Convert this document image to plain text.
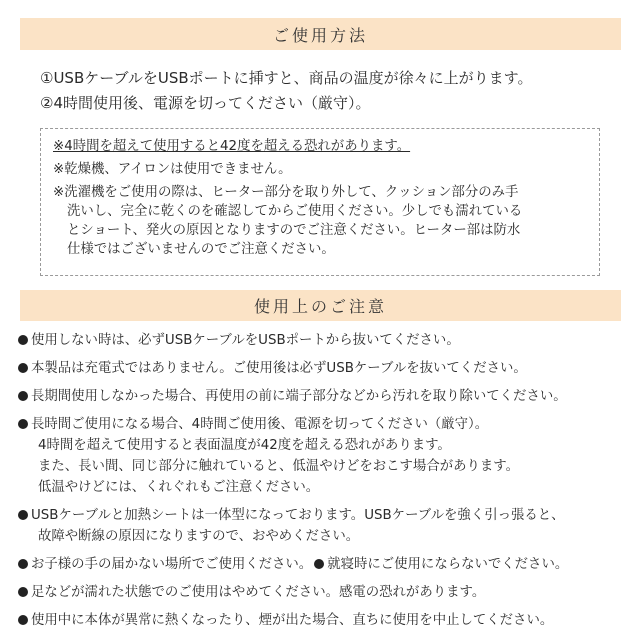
ご使用方法

①USBケーブルをUSBポートに挿すと、商品の温度が徐々に上がります。

②4時間使用後、電源を切ってください（厳守）。

※4時間を超えて使用すると42度を超える恐れがあります。

※乾燥機、アイロンは使用できません。

※洗濯機をご使用の際は、ヒーター部分を取り外して、クッション部分のみ手

洗いし、完全に乾くのを確認してからご使用ください。少しでも濡れている
とショート、発火の原因となりますのでご注意ください。ヒーター部は防水
仕様ではございませんのでご注意ください。

使用上のご注意
使用しない時は、必ずUSBケーブルをUSBポートから抜いてください。
本製品は充電式ではありません。ご使用後は必ずUSBケーブルを抜いてください。
長期間使用しなかった場合、再使用の前に端子部分などから汚れを取り除いてください。
長時間ご使用になる場合、4時間ご使用後、電源を切ってください（厳守）。
4時間を超えて使用すると表面温度が42度を超える恐れがあります。
また、長い間、同じ部分に触れていると、低温やけどをおこす場合があります。
低温やけどには、くれぐれもご注意ください。
USBケーブルと加熱シートは一体型になっております。USBケーブルを強く引っ張ると、
故障や断線の原因になりますので、おやめください。
お子様の手の届かない場所でご使用ください。 就寝時にご使用にならないでください。
足などが濡れた状態でのご使用はやめてください。感電の恐れがあります。
使用中に本体が異常に熱くなったり、煙が出た場合、直ちに使用を中止してください。
